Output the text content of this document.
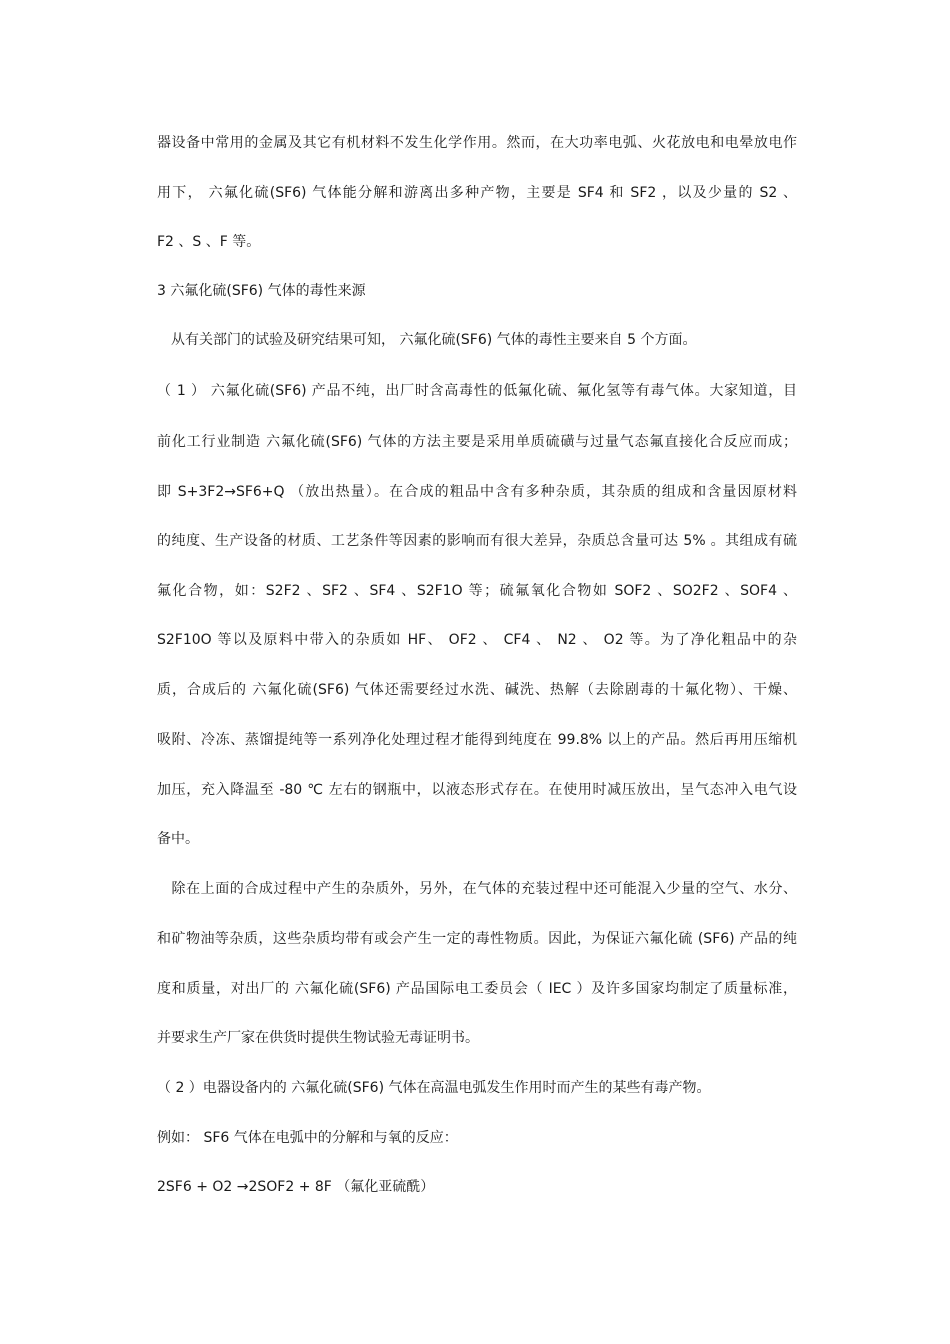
器设备中常用的金属及其它有机材料不发生化学作用。然而，在大功率电弧、火花放电和电晕放电作
用下， 六氟化硫(SF6) 气体能分解和游离出多种产物，主要是 SF4 和 SF2 ，以及少量的 S2 、
F2 、S 、F 等。
3 六氟化硫(SF6) 气体的毒性来源
　从有关部门的试验及研究结果可知， 六氟化硫(SF6) 气体的毒性主要来自 5 个方面。
（ 1 ） 六氟化硫(SF6) 产品不纯，出厂时含高毒性的低氟化硫、氟化氢等有毒气体。大家知道，目
前化工行业制造 六氟化硫(SF6) 气体的方法主要是采用单质硫磺与过量气态氟直接化合反应而成；
即 S+3F2→SF6+Q （放出热量）。在合成的粗品中含有多种杂质，其杂质的组成和含量因原材料
的纯度、生产设备的材质、工艺条件等因素的影响而有很大差异，杂质总含量可达 5% 。其组成有硫
氟化合物，如：S2F2 、SF2 、SF4 、S2F1O 等；硫氟氧化合物如 SOF2 、SO2F2 、SOF4 、
S2F10O 等以及原料中带入的杂质如 HF、 OF2 、 CF4 、 N2 、 O2 等。为了净化粗品中的杂
质，合成后的 六氟化硫(SF6) 气体还需要经过水洗、碱洗、热解（去除剧毒的十氟化物）、干燥、
吸附、冷冻、蒸馏提纯等一系列净化处理过程才能得到纯度在 99.8% 以上的产品。然后再用压缩机
加压，充入降温至 -80 ℃ 左右的钢瓶中，以液态形式存在。在使用时减压放出，呈气态冲入电气设
备中。
　除在上面的合成过程中产生的杂质外，另外，在气体的充装过程中还可能混入少量的空气、水分、
和矿物油等杂质，这些杂质均带有或会产生一定的毒性物质。因此，为保证六氟化硫 (SF6) 产品的纯
度和质量，对出厂的 六氟化硫(SF6) 产品国际电工委员会（ IEC ）及许多国家均制定了质量标准，
并要求生产厂家在供货时提供生物试验无毒证明书。
（ 2 ）电器设备内的 六氟化硫(SF6) 气体在高温电弧发生作用时而产生的某些有毒产物。
例如： SF6 气体在电弧中的分解和与氧的反应：
2SF6 + O2 →2SOF2 + 8F （氟化亚硫酰）
